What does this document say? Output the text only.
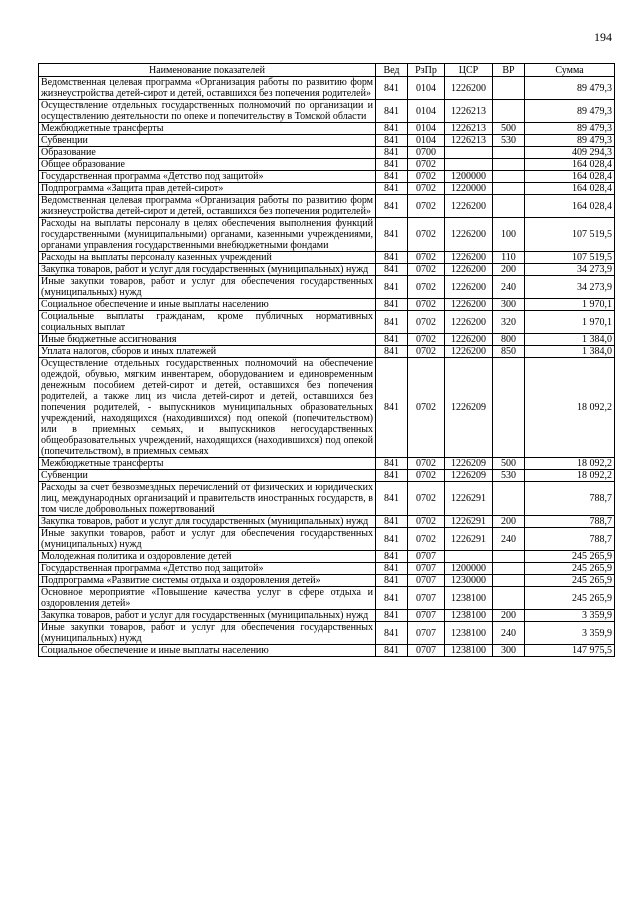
194
Наименование показателей	Вед	РзПр	ЦСР	ВР	Сумма
Ведомственная целевая программа «Организация работы по развитию форм жизнеустройства детей-сирот и детей, оставшихся без попечения родителей»	841	0104	1226200		89 479,3
Осуществление отдельных государственных полномочий по организации и осуществлению деятельности по опеке и попечительству в Томской области	841	0104	1226213		89 479,3
Межбюджетные трансферты	841	0104	1226213	500	89 479,3
Субвенции	841	0104	1226213	530	89 479,3
Образование	841	0700			409 294,3
Общее образование	841	0702			164 028,4
Государственная программа «Детство под защитой»	841	0702	1200000		164 028,4
Подпрограмма «Защита прав детей-сирот»	841	0702	1220000		164 028,4
Ведомственная целевая программа «Организация работы по развитию форм жизнеустройства детей-сирот и детей, оставшихся без попечения родителей»	841	0702	1226200		164 028,4
Расходы на выплаты персоналу в целях обеспечения выполнения функций государственными (муниципальными) органами, казенными учреждениями, органами управления государственными внебюджетными фондами	841	0702	1226200	100	107 519,5
Расходы на выплаты персоналу казенных учреждений	841	0702	1226200	110	107 519,5
Закупка товаров, работ и услуг для государственных (муниципальных) нужд	841	0702	1226200	200	34 273,9
Иные закупки товаров, работ и услуг для обеспечения государственных (муниципальных) нужд	841	0702	1226200	240	34 273,9
Социальное обеспечение и иные выплаты населению	841	0702	1226200	300	1 970,1
Социальные выплаты гражданам, кроме публичных нормативных социальных выплат	841	0702	1226200	320	1 970,1
Иные бюджетные ассигнования	841	0702	1226200	800	1 384,0
Уплата налогов, сборов и иных платежей	841	0702	1226200	850	1 384,0
Осуществление отдельных государственных полномочий на обеспечение одеждой, обувью, мягким инвентарем, оборудованием и единовременным денежным пособием детей-сирот и детей, оставшихся без попечения родителей, а также лиц из числа детей-сирот и детей, оставшихся без попечения родителей, - выпускников муниципальных образовательных учреждений, находящихся (находившихся) под опекой (попечительством) или в приемных семьях, и выпускников негосударственных общеобразовательных учреждений, находящихся (находившихся) под опекой (попечительством), в приемных семьях	841	0702	1226209		18 092,2
Межбюджетные трансферты	841	0702	1226209	500	18 092,2
Субвенции	841	0702	1226209	530	18 092,2
Расходы за счет безвозмездных перечислений от физических и юридических лиц, международных организаций и правительств иностранных государств, в том числе добровольных пожертвований	841	0702	1226291		788,7
Закупка товаров, работ и услуг для государственных (муниципальных) нужд	841	0702	1226291	200	788,7
Иные закупки товаров, работ и услуг для обеспечения государственных (муниципальных) нужд	841	0702	1226291	240	788,7
Молодежная политика и оздоровление детей	841	0707			245 265,9
Государственная программа «Детство под защитой»	841	0707	1200000		245 265,9
Подпрограмма «Развитие системы отдыха и оздоровления детей»	841	0707	1230000		245 265,9
Основное мероприятие «Повышение качества услуг в сфере отдыха и оздоровления детей»	841	0707	1238100		245 265,9
Закупка товаров, работ и услуг для государственных (муниципальных) нужд	841	0707	1238100	200	3 359,9
Иные закупки товаров, работ и услуг для обеспечения государственных (муниципальных) нужд	841	0707	1238100	240	3 359,9
Социальное обеспечение и иные выплаты населению	841	0707	1238100	300	147 975,5
